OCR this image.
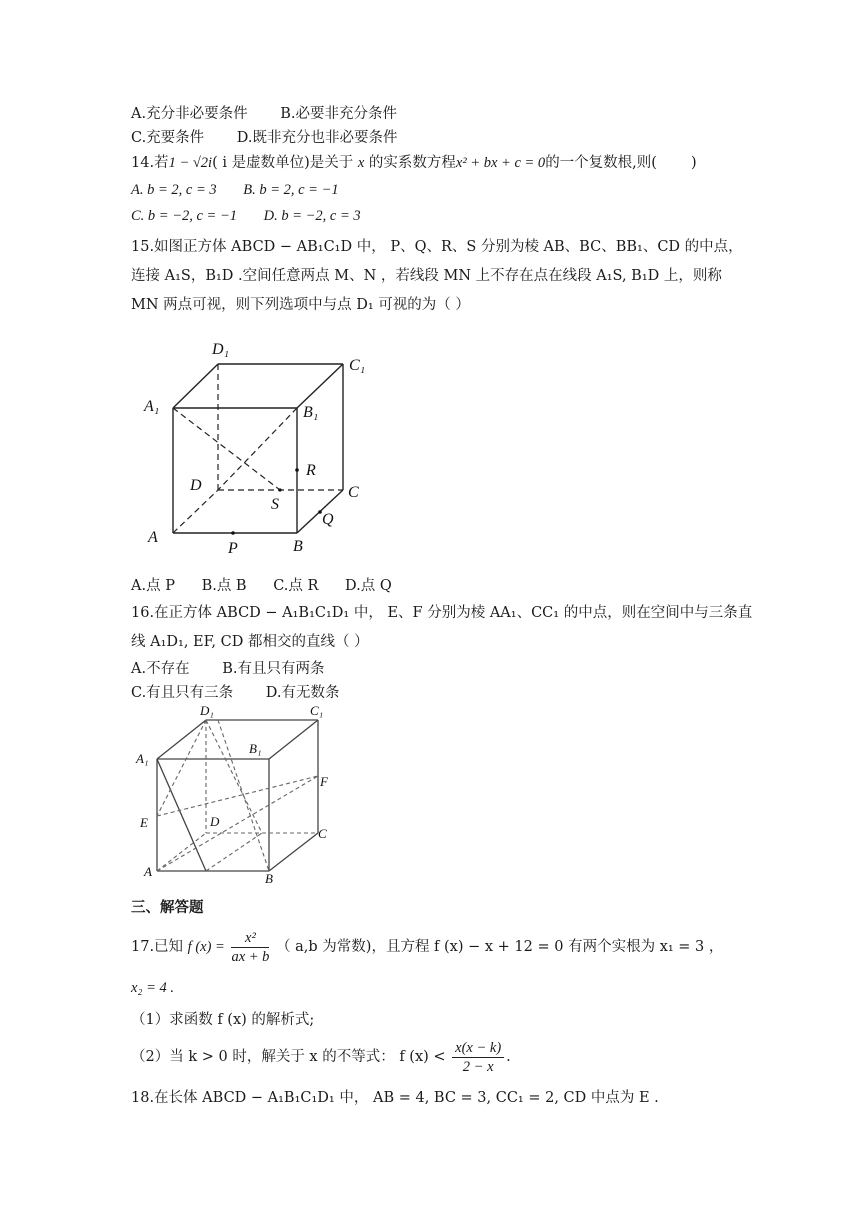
A.充分非必要条件 B.必要非充分条件
C.充要条件 D.既非充分也非必要条件
14.若1 − √2i( i 是虚数单位)是关于 x 的实系数方程x² + bx + c = 0的一个复数根,则( )
A. b = 2, c = 3 B. b = 2, c = −1
C. b = −2, c = −1 D. b = −2, c = 3
15.如图正方体 ABCD − AB₁C₁D 中， P、Q、R、S 分别为棱 AB、BC、BB₁、CD 的中点，
连接 A₁S，B₁D .空间任意两点 M、N ，若线段 MN 上不存在点在线段 A₁S, B₁D 上，则称
MN 两点可视，则下列选项中与点 D₁ 可视的为（ ）
D₁
C₁
A₁	B₁
R
D
S
C
Q
A
P	B
A.点 P B.点 B C.点 R D.点 Q
16.在正方体 ABCD − A₁B₁C₁D₁ 中， E、F 分别为棱 AA₁、CC₁ 的中点，则在空间中与三条直
线 A₁D₁, EF, CD 都相交的直线（ ）
A.不存在 B.有且只有两条
C.有且只有三条 D.有无数条
D₁	C₁
A₁
B₁
F
E	D
C
A	B
三、解答题
17.已知 f $(x) = \frac{\text{x²}}{ax + b}$ （ a,b 为常数)，且方程 f (x) − x + 12 = 0 有两个实根为 x₁ = 3 ，
x₂ = 4 .
（1）求函数 f (x) 的解析式;
（2）当 k > 0 时，解关于 x 的不等式： f $(x) < \frac{x(x - k)}{2 - x}$ .
18.在长体 ABCD − A₁B₁C₁D₁ 中， AB = 4, BC = 3, CC₁ = 2, CD 中点为 E .
